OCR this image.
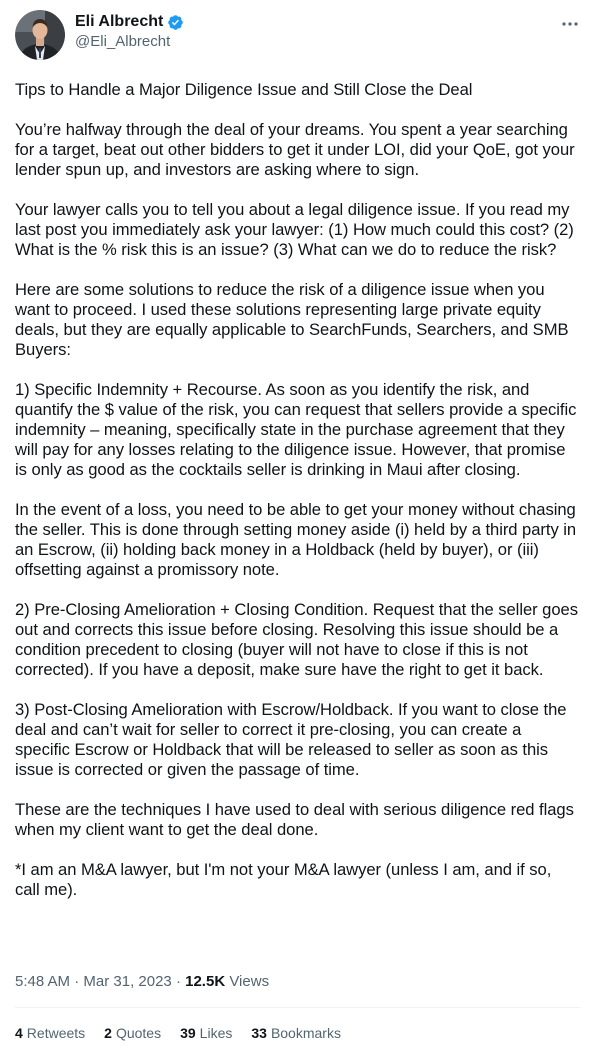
Eli Albrecht
@Eli_Albrecht

Tips to Handle a Major Diligence Issue and Still Close the Deal

You’re halfway through the deal of your dreams. You spent a year searching for a target, beat out other bidders to get it under LOI, did your QoE, got your lender spun up, and investors are asking where to sign.

Your lawyer calls you to tell you about a legal diligence issue. If you read my last post you immediately ask your lawyer: (1) How much could this cost? (2) What is the % risk this is an issue? (3) What can we do to reduce the risk?

Here are some solutions to reduce the risk of a diligence issue when you want to proceed. I used these solutions representing large private equity deals, but they are equally applicable to SearchFunds, Searchers, and SMB Buyers:

1) Specific Indemnity + Recourse. As soon as you identify the risk, and quantify the $ value of the risk, you can request that sellers provide a specific indemnity – meaning, specifically state in the purchase agreement that they will pay for any losses relating to the diligence issue. However, that promise is only as good as the cocktails seller is drinking in Maui after closing.

In the event of a loss, you need to be able to get your money without chasing the seller. This is done through setting money aside (i) held by a third party in an Escrow, (ii) holding back money in a Holdback (held by buyer), or (iii) offsetting against a promissory note.

2) Pre-Closing Amelioration + Closing Condition. Request that the seller goes out and corrects this issue before closing. Resolving this issue should be a condition precedent to closing (buyer will not have to close if this is not corrected). If you have a deposit, make sure have the right to get it back.

3) Post-Closing Amelioration with Escrow/Holdback. If you want to close the deal and can’t wait for seller to correct it pre-closing, you can create a specific Escrow or Holdback that will be released to seller as soon as this issue is corrected or given the passage of time.

These are the techniques I have used to deal with serious diligence red flags when my client want to get the deal done.

*I am an M&A lawyer, but I'm not your M&A lawyer (unless I am, and if so, call me).

5:48 AM · Mar 31, 2023 · 12.5K Views
4 Retweets 2 Quotes 39 Likes 33 Bookmarks
